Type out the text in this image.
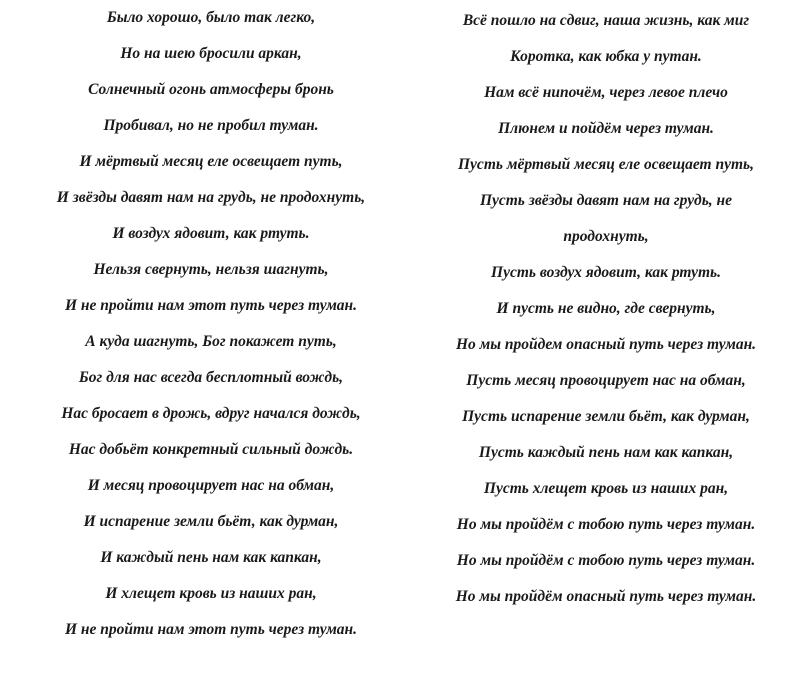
Было хорошо, было так легко,
Но на шею бросили аркан,
Солнечный огонь атмосферы бронь
Пробивал, но не пробил туман.
И мёртвый месяц еле освещает путь,
И звёзды давят нам на грудь, не продохнуть,
И воздух ядовит, как ртуть.
Нельзя свернуть, нельзя шагнуть,
И не пройти нам этот путь через туман.
А куда шагнуть, Бог покажет путь,
Бог для нас всегда бесплотный вождь,
Нас бросает в дрожь, вдруг начался дождь,
Нас добьёт конкретный сильный дождь.
И месяц провоцирует нас на обман,
И испарение земли бьёт, как дурман,
И каждый пень нам как капкан,
И хлещет кровь из наших ран,
И не пройти нам этот путь через туман.
Всё пошло на сдвиг, наша жизнь, как миг
Коротка, как юбка у путан.
Нам всё нипочём, через левое плечо
Плюнем и пойдём через туман.
Пусть мёртвый месяц еле освещает путь,
Пусть звёзды давят нам на грудь, не
продохнуть,
Пусть воздух ядовит, как ртуть.
И пусть не видно, где свернуть,
Но мы пройдем опасный путь через туман.
Пусть месяц провоцирует нас на обман,
Пусть испарение земли бьёт, как дурман,
Пусть каждый пень нам как капкан,
Пусть хлещет кровь из наших ран,
Но мы пройдём с тобою путь через туман.
Но мы пройдём с тобою путь через туман.
Но мы пройдём опасный путь через туман.
